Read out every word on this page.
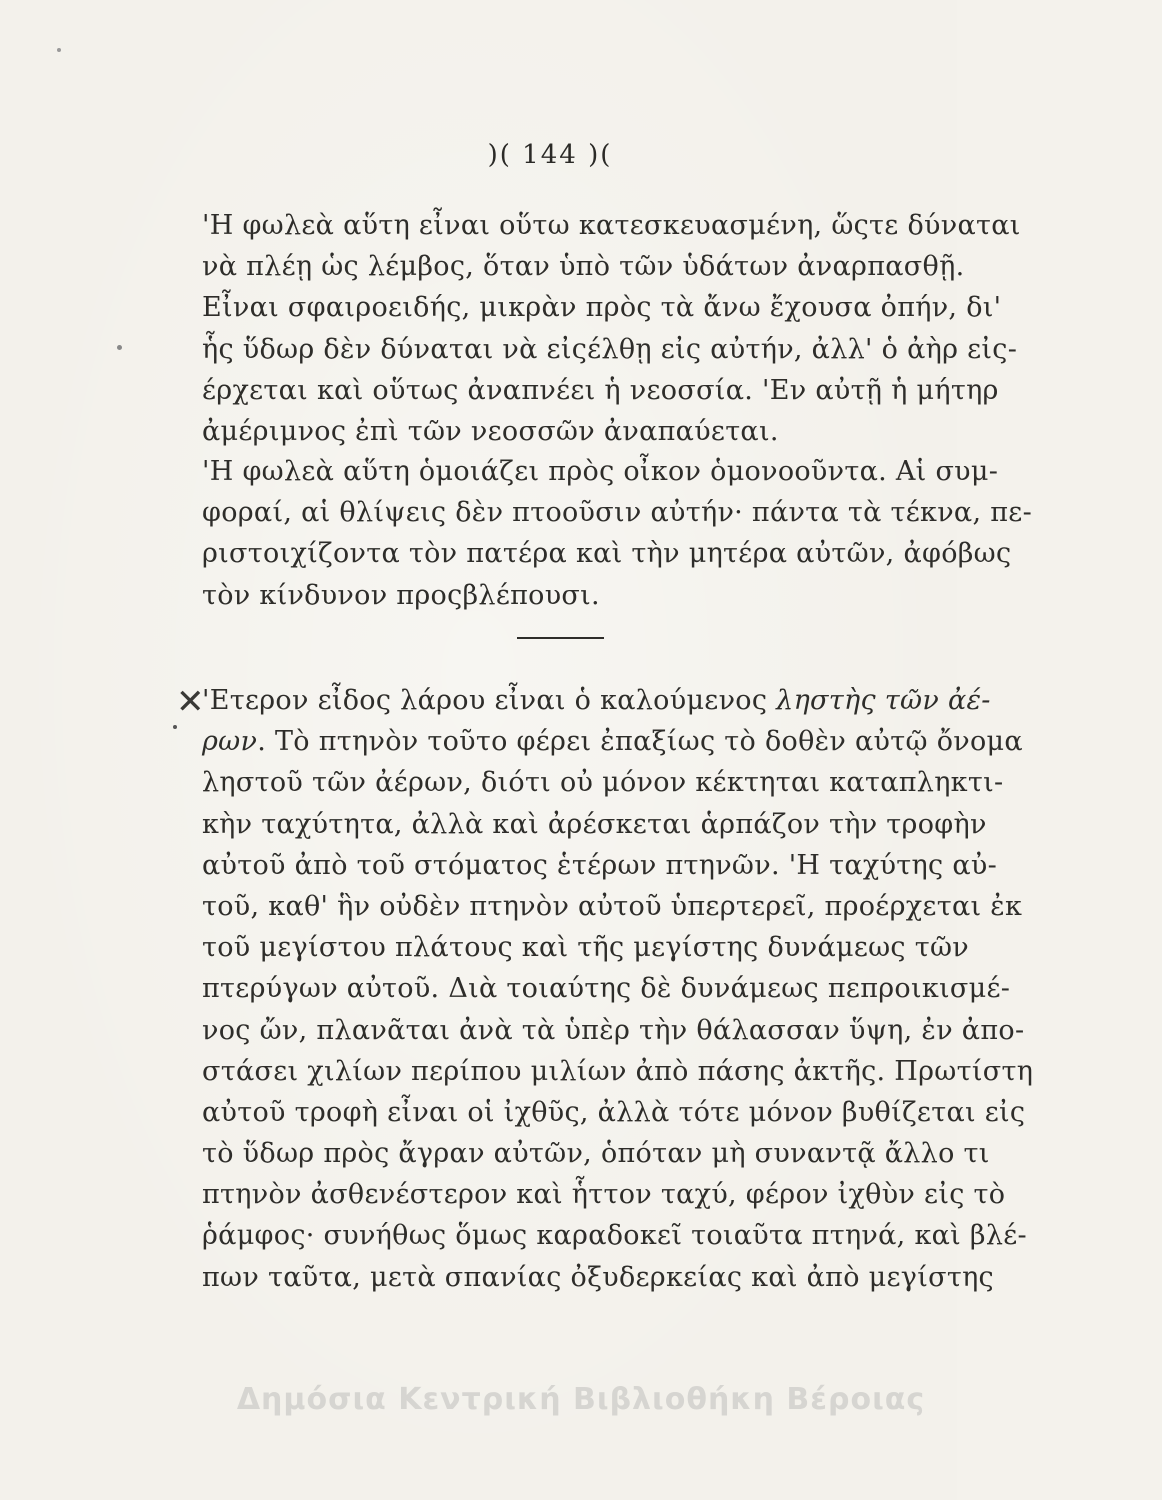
)( 144 )(
'Η φωλεὰ αὕτη εἶναι οὕτω κατεσκευασμένη, ὥςτε δύναται
νὰ πλέῃ ὡς λέμβος, ὅταν ὑπὸ τῶν ὑδάτων ἀναρπασθῇ.
Εἶναι σφαιροειδής, μικρὰν πρὸς τὰ ἄνω ἔχουσα ὀπήν, δι'
ἧς ὕδωρ δὲν δύναται νὰ εἰςέλθῃ εἰς αὐτήν, ἀλλ' ὁ ἀὴρ εἰς-
έρχεται καὶ οὕτως ἀναπνέει ἡ νεοσσία. 'Εν αὐτῇ ἡ μήτηρ
ἀμέριμνος ἐπὶ τῶν νεοσσῶν ἀναπαύεται.
'Η φωλεὰ αὕτη ὁμοιάζει πρὸς οἶκον ὁμονοοῦντα. Αἱ συμ-
φοραί, αἱ θλίψεις δὲν πτοοῦσιν αὐτήν· πάντα τὰ τέκνα, πε-
ριστοιχίζοντα τὸν πατέρα καὶ τὴν μητέρα αὐτῶν, ἀφόβως
τὸν κίνδυνον προςβλέπουσι.
✕
'Ετερον εἶδος λάρου εἶναι ὁ καλούμενος ληστὴς τῶν ἀέ-
ρων. Τὸ πτηνὸν τοῦτο φέρει ἐπαξίως τὸ δοθὲν αὐτῷ ὄνομα
ληστοῦ τῶν ἀέρων, διότι οὐ μόνον κέκτηται καταπληκτι-
κὴν ταχύτητα, ἀλλὰ καὶ ἀρέσκεται ἁρπάζον τὴν τροφὴν
αὐτοῦ ἀπὸ τοῦ στόματος ἑτέρων πτηνῶν. 'Η ταχύτης αὐ-
τοῦ, καθ' ἣν οὐδὲν πτηνὸν αὐτοῦ ὑπερτερεῖ, προέρχεται ἐκ
τοῦ μεγίστου πλάτους καὶ τῆς μεγίστης δυνάμεως τῶν
πτερύγων αὐτοῦ. Διὰ τοιαύτης δὲ δυνάμεως πεπροικισμέ-
νος ὤν, πλανᾶται ἀνὰ τὰ ὑπὲρ τὴν θάλασσαν ὕψη, ἐν ἀπο-
στάσει χιλίων περίπου μιλίων ἀπὸ πάσης ἀκτῆς. Πρωτίστη
αὐτοῦ τροφὴ εἶναι οἱ ἰχθῦς, ἀλλὰ τότε μόνον βυθίζεται εἰς
τὸ ὕδωρ πρὸς ἄγραν αὐτῶν, ὁπόταν μὴ συναντᾷ ἄλλο τι
πτηνὸν ἀσθενέστερον καὶ ἧττον ταχύ, φέρον ἰχθὺν εἰς τὸ
ῥάμφος· συνήθως ὅμως καραδοκεῖ τοιαῦτα πτηνά, καὶ βλέ-
πων ταῦτα, μετὰ σπανίας ὀξυδερκείας καὶ ἀπὸ μεγίστης
Δημόσια Κεντρική Βιβλιοθήκη Βέροιας
